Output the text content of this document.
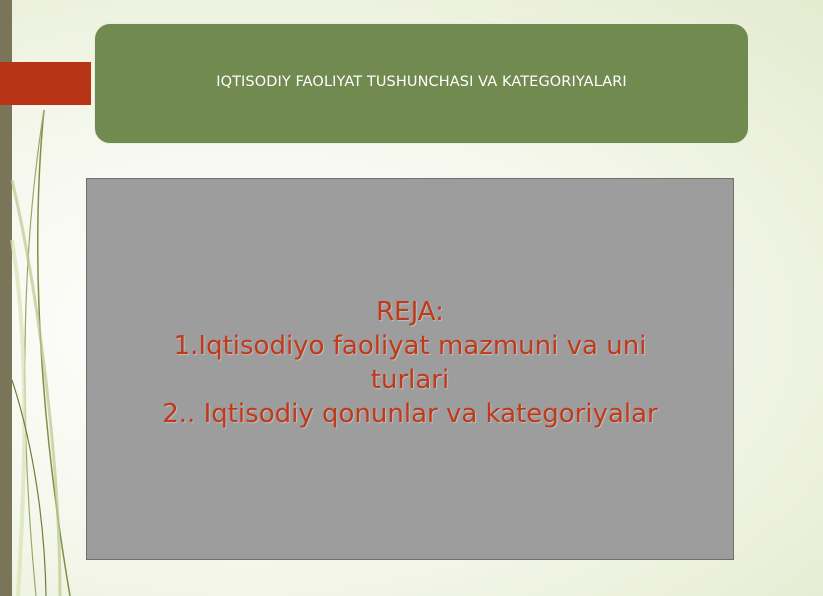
IQTISODIY FAOLIYAT TUSHUNCHASI VA KATEGORIYALARI
REJA:
1.Iqtisodiyo faoliyat mazmuni va uni
turlari
2.. Iqtisodiy qonunlar va kategoriyalar
